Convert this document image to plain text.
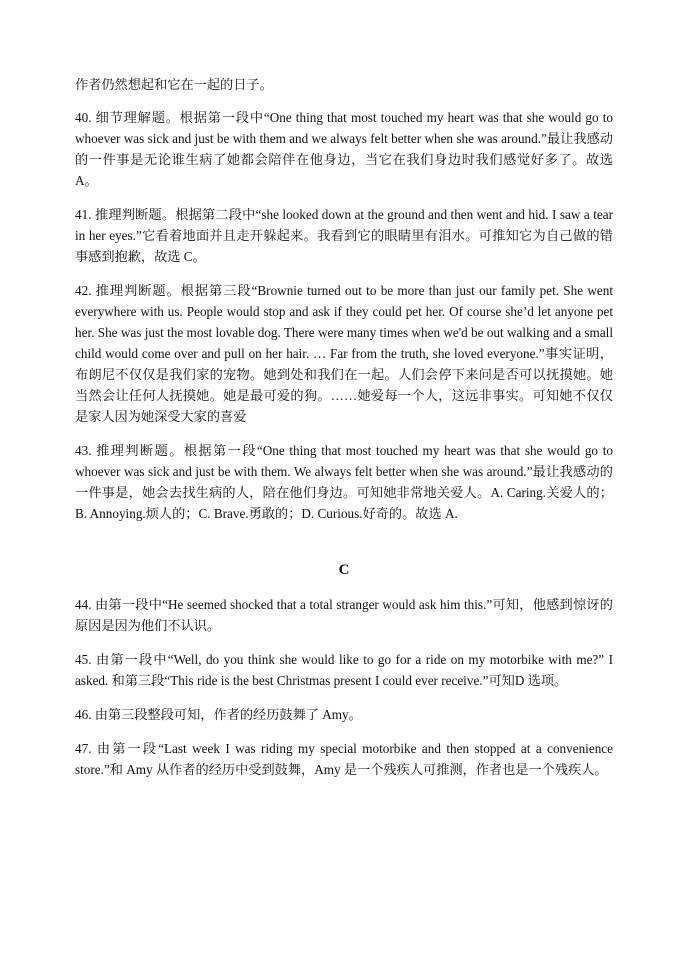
作者仍然想起和它在一起的日子。

40. 细节理解题。根据第一段中“One thing that most touched my heart was that she would go to whoever was sick and just be with them and we always felt better when she was around.”最让我感动的一件事是无论谁生病了她都会陪伴在他身边，当它在我们身边时我们感觉好多了。故选 A。

41. 推理判断题。根据第二段中“she looked down at the ground and then went and hid. I saw a tear in her eyes.”它看着地面并且走开躲起来。我看到它的眼睛里有泪水。可推知它为自己做的错事感到抱歉，故选 C。

42. 推理判断题。根据第三段“Brownie turned out to be more than just our family pet. She went everywhere with us. People would stop and ask if they could pet her. Of course she’d let anyone pet her. She was just the most lovable dog. There were many times when we'd be out walking and a small child would come over and pull on her hair. … Far from the truth, she loved everyone.”事实证明，布朗尼不仅仅是我们家的宠物。她到处和我们在一起。人们会停下来问是否可以抚摸她。她当然会让任何人抚摸她。她是最可爱的狗。……她爱每一个人，这远非事实。可知她不仅仅是家人因为她深受大家的喜爱

43. 推理判断题。根据第一段“One thing that most touched my heart was that she would go to whoever was sick and just be with them. We always felt better when she was around.”最让我感动的一件事是，她会去找生病的人，陪在他们身边。可知她非常地关爱人。A. Caring.关爱人的；B. Annoying.烦人的；C. Brave.勇敢的；D. Curious.好奇的。故选 A.

C

44. 由第一段中“He seemed shocked that a total stranger would ask him this.”可知，他感到惊讶的原因是因为他们不认识。

45. 由第一段中“Well, do you think she would like to go for a ride on my motorbike with me?” I asked. 和第三段“This ride is the best Christmas present I could ever receive.”可知D 选项。

46. 由第三段整段可知，作者的经历鼓舞了 Amy。

47. 由第一段“Last week I was riding my special motorbike and then stopped at a convenience store.”和 Amy 从作者的经历中受到鼓舞，Amy 是一个残疾人可推测，作者也是一个残疾人。
